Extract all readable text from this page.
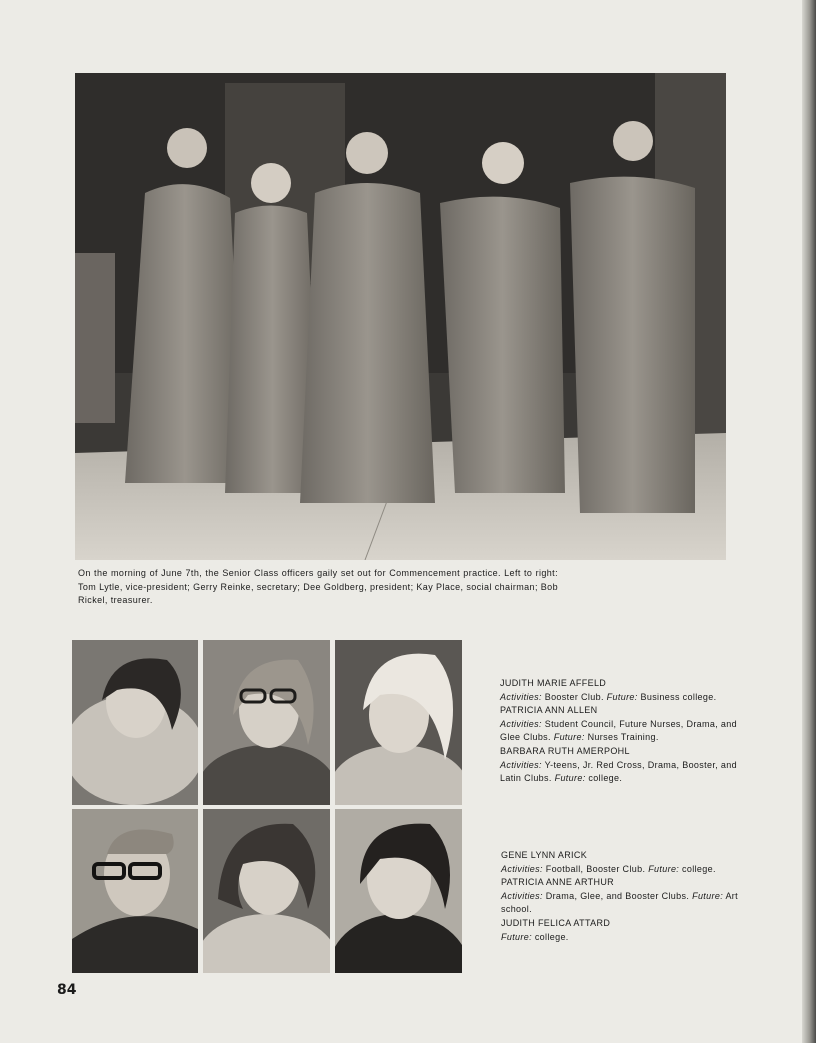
On the morning of June 7th, the Senior Class officers gaily set out for Commencement practice. Left to right: Tom Lytle, vice-president; Gerry Reinke, secretary; Dee Goldberg, president; Kay Place, social chairman; Bob Rickel, treasurer.
JUDITH MARIE AFFELD
Activities: Booster Club. Future: Business college.
PATRICIA ANN ALLEN
Activities: Student Council, Future Nurses, Drama, and Glee Clubs. Future: Nurses Training.
BARBARA RUTH AMERPOHL
Activities: Y-teens, Jr. Red Cross, Drama, Booster, and Latin Clubs. Future: college.
GENE LYNN ARICK
Activities: Football, Booster Club. Future: college.
PATRICIA ANNE ARTHUR
Activities: Drama, Glee, and Booster Clubs. Future: Art school.
JUDITH FELICA ATTARD
Future: college.
84
